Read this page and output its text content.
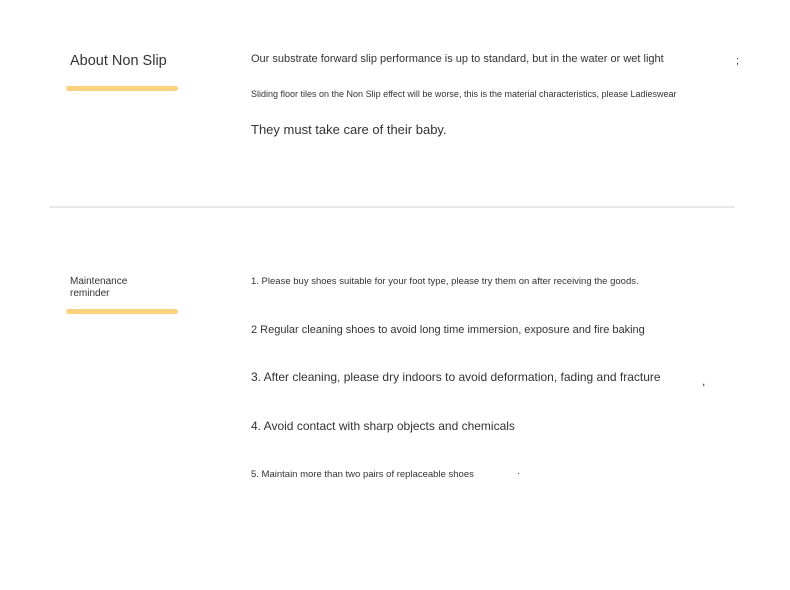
About Non Slip	Our substrate forward slip performance is up to standard, but in the water or wet light	;
Sliding floor tiles on the Non Slip effect will be worse, this is the material characteristics, please Ladieswear
They must take care of their baby.
Maintenance
reminder
1. Please buy shoes suitable for your foot type, please try them on after receiving the goods.
2 Regular cleaning shoes to avoid long time immersion, exposure and fire baking
3. After cleaning, please dry indoors to avoid deformation, fading and fracture	,
4. Avoid contact with sharp objects and chemicals
5. Maintain more than two pairs of replaceable shoes	·
